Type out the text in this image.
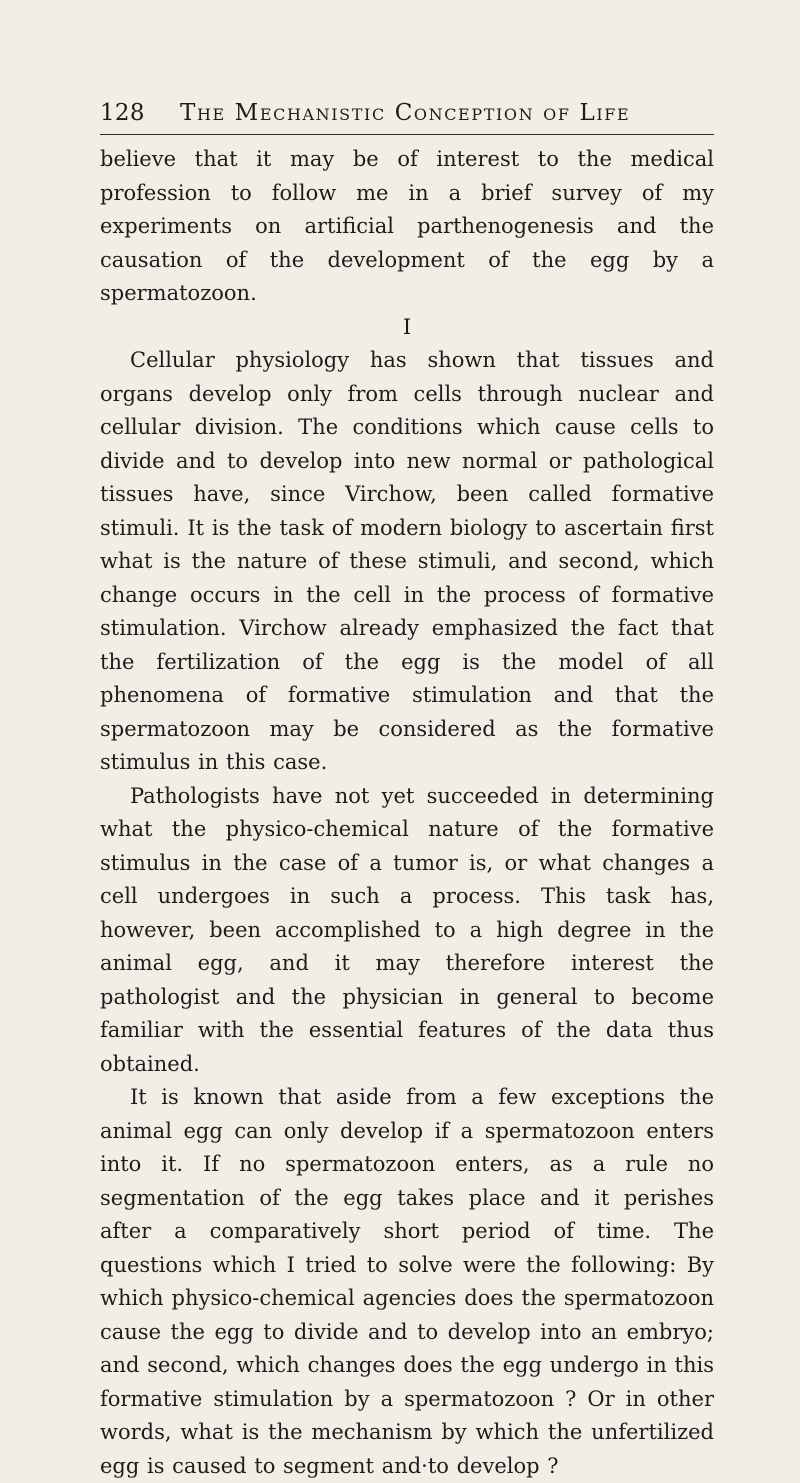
128 The Mechanistic Conception of Life

believe that it may be of interest to the medical profession to follow me in a brief survey of my experiments on artificial parthenogenesis and the causation of the development of the egg by a spermatozoon.

I

Cellular physiology has shown that tissues and organs develop only from cells through nuclear and cellular division. The conditions which cause cells to divide and to develop into new normal or pathological tissues have, since Virchow, been called formative stimuli. It is the task of modern biology to ascertain first what is the nature of these stimuli, and second, which change occurs in the cell in the process of formative stimulation. Virchow already emphasized the fact that the fertilization of the egg is the model of all phenomena of formative stimulation and that the spermatozoon may be considered as the formative stimulus in this case.

Pathologists have not yet succeeded in determining what the physico-chemical nature of the formative stimulus in the case of a tumor is, or what changes a cell undergoes in such a process. This task has, however, been accomplished to a high degree in the animal egg, and it may therefore interest the pathologist and the physician in general to become familiar with the essential features of the data thus obtained.

It is known that aside from a few exceptions the animal egg can only develop if a spermatozoon enters into it. If no spermatozoon enters, as a rule no segmentation of the egg takes place and it perishes after a comparatively short period of time. The questions which I tried to solve were the following: By which physico-chemical agencies does the spermatozoon cause the egg to divide and to develop into an embryo; and second, which changes does the egg undergo in this formative stimulation by a spermatozoon ? Or in other words, what is the mechanism by which the unfertilized egg is caused to segment and·to develop ?
